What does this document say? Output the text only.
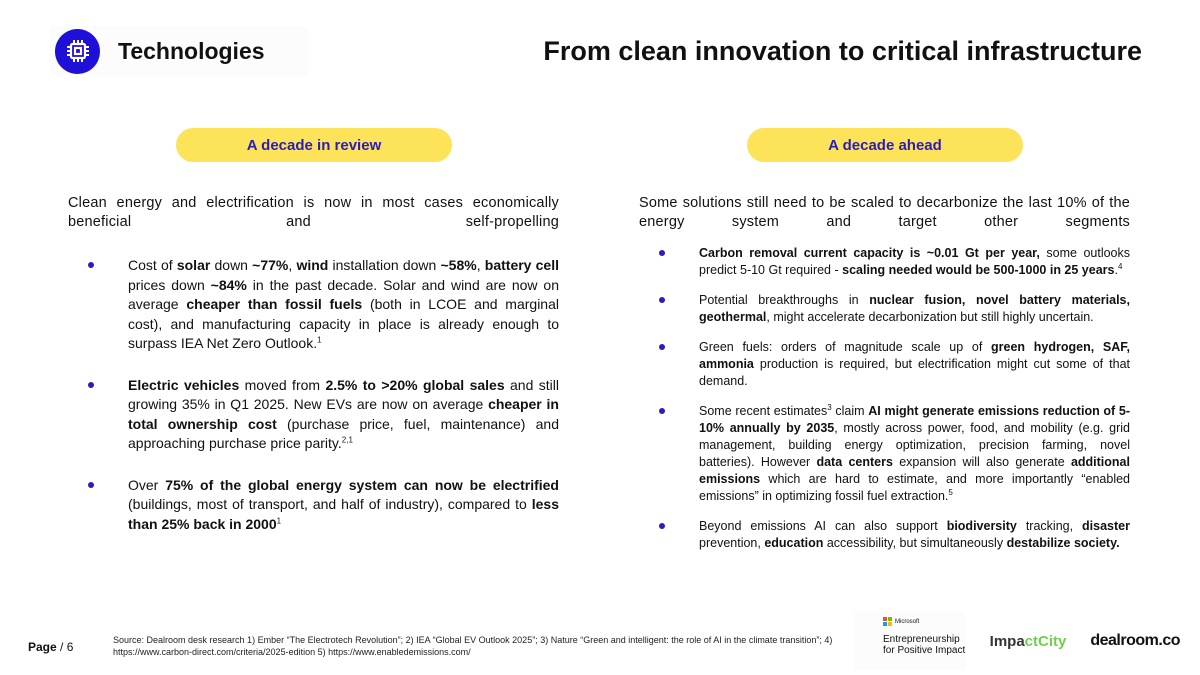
Technologies	From clean innovation to critical infrastructure
A decade in review	A decade ahead
Clean energy and electrification is now in most cases economically beneficial and self-propelling
Cost of solar down ~77%, wind installation down ~58%, battery cell prices down ~84% in the past decade. Solar and wind are now on average cheaper than fossil fuels (both in LCOE and marginal cost), and manufacturing capacity in place is already enough to surpass IEA Net Zero Outlook.$^1$
Electric vehicles moved from 2.5% to >20% global sales and still growing 35% in Q1 2025. New EVs are now on average cheaper in total ownership cost (purchase price, fuel, maintenance) and approaching purchase price parity.$^{2,1}$
Over 75% of the global energy system can now be electrified (buildings, most of transport, and half of industry), compared to less than 25% back in 2000$^1$
Some solutions still need to be scaled to decarbonize the last 10% of the energy system and target other segments
Carbon removal current capacity is ~0.01 Gt per year, some outlooks predict 5-10 Gt required - scaling needed would be 500-1000 in 25 years.$^4$
Potential breakthroughs in nuclear fusion, novel battery materials, geothermal, might accelerate decarbonization but still highly uncertain.
Green fuels: orders of magnitude scale up of green hydrogen, SAF, ammonia production is required, but electrification might cut some of that demand.
Some recent estimates$^3$ claim AI might generate emissions reduction of 5-10% annually by 2035, mostly across power, food, and mobility (e.g. grid management, building energy optimization, precision farming, novel batteries). However data centers expansion will also generate additional emissions which are hard to estimate, and more importantly “enabled emissions” in optimizing fossil fuel extraction.$^5$
Beyond emissions AI can also support biodiversity tracking, disaster prevention, education accessibility, but simultaneously destabilize society.
Page / 6	Source: Dealroom desk research 1) Ember “The Electrotech Revolution”; 2) IEA “Global EV Outlook 2025”; 3) Nature “Green and intelligent: the role of AI in the climate transition”; 4) https://www.carbon-direct.com/criteria/2025-edition 5) https://www.enabledemissions.com/
Microsoft
Entrepreneurship
for Positive Impact
ImpactCity dealroom.co
